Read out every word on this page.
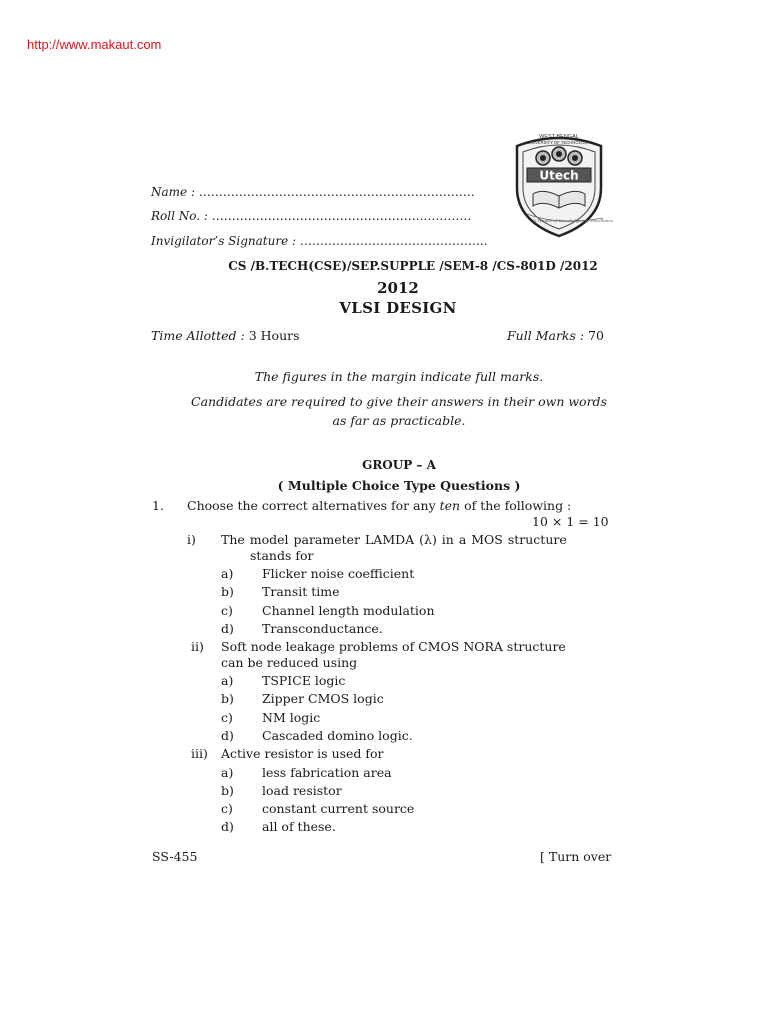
http://www.makaut.com
WEST BENGAL
UNIVERSITY OF TECHNOLOGY
Utech
A Temple of Knowledge and Excellence
Name : ……………………………………………………………
Roll No. : ……………………………………………..…………
Invigilator’s Signature : ………………………………………..
CS /B.TECH(CSE)/SEP.SUPPLE /SEM-8 /CS-801D /2012
2012
VLSI DESIGN
Time Allotted : 3 Hours	Full Marks : 70
The figures in the margin indicate full marks.
Candidates are required to give their answers in their own words
as far as practicable.
GROUP – A
( Multiple Choice Type Questions )
1. Choose the correct alternatives for any ten of the following :
10 × 1 = 10
i) The model parameter LAMDA (λ) in a MOS structure
stands for
a) Flicker noise coefficient
b) Transit time
c) Channel length modulation
d) Transconductance.
ii) Soft node leakage problems of CMOS NORA structure
can be reduced using
a) TSPICE logic
b) Zipper CMOS logic
c) NM logic
d) Cascaded domino logic.
iii) Active resistor is used for
a) less fabrication area
b) load resistor
c) constant current source
d) all of these.
SS-455	[ Turn over
